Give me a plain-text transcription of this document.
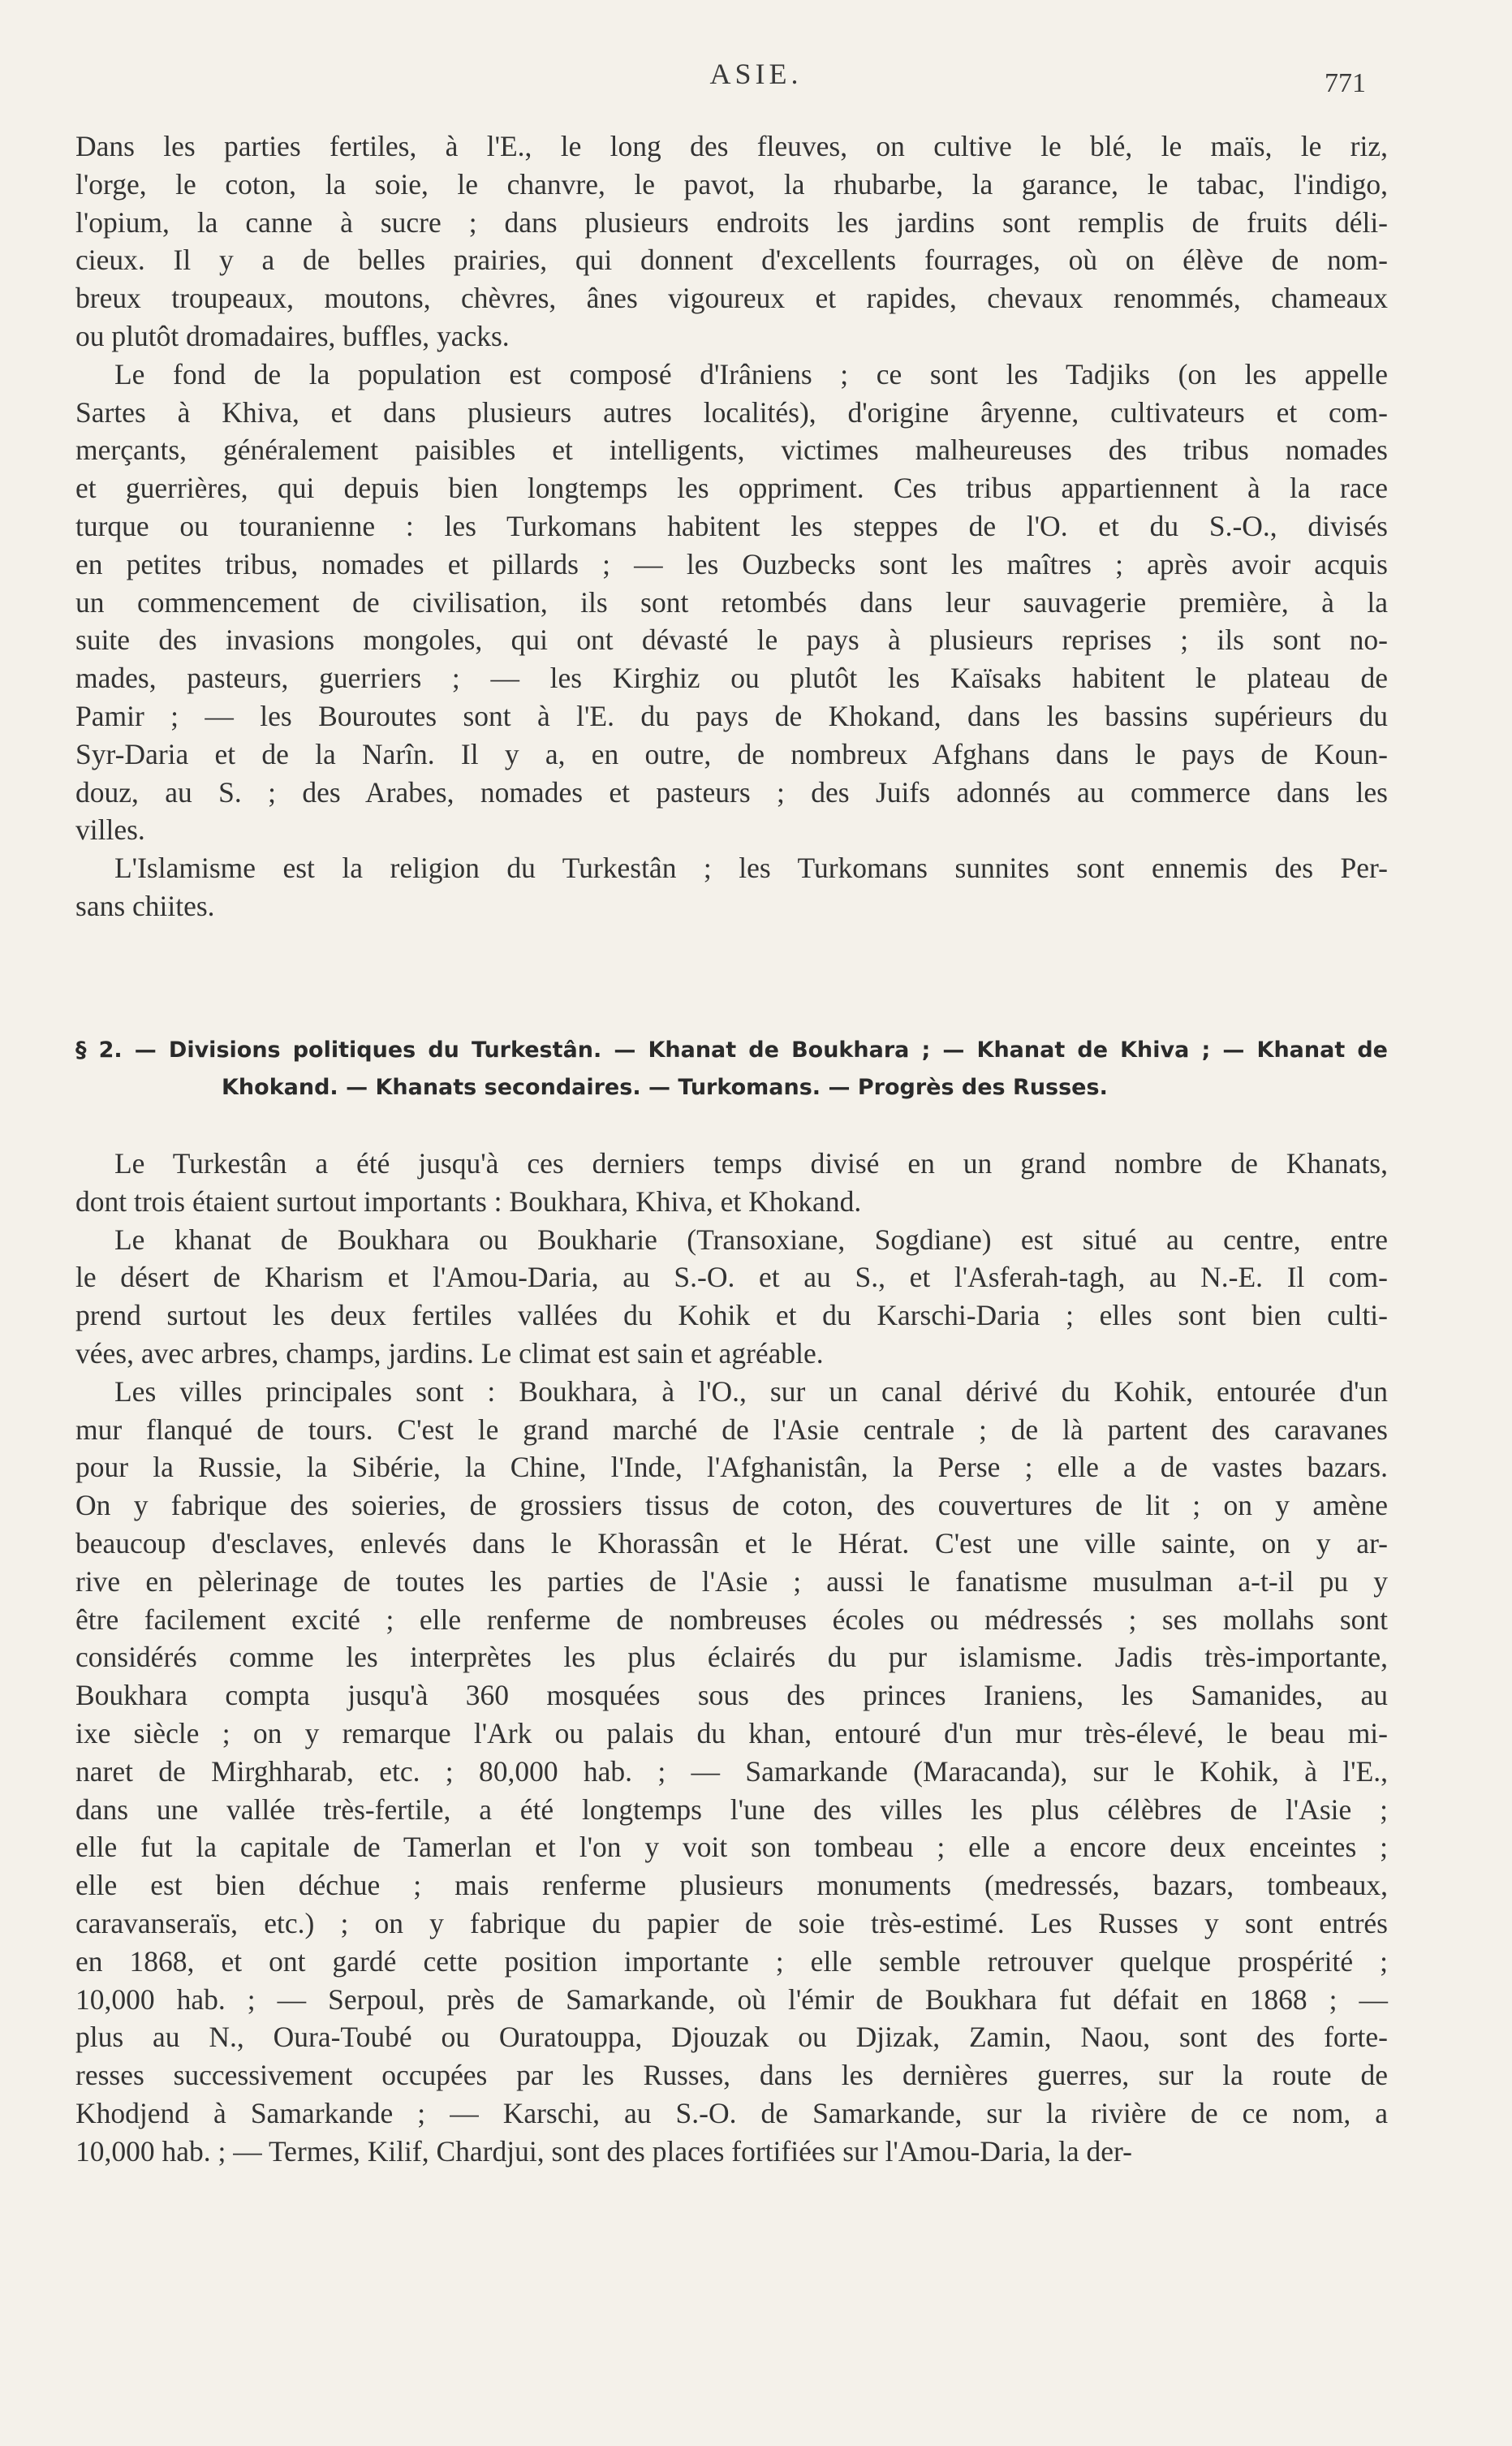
ASIE.	771
Dans les parties fertiles, à l'E., le long des fleuves, on cultive le blé, le maïs, le riz,
l'orge, le coton, la soie, le chanvre, le pavot, la rhubarbe, la garance, le tabac, l'indigo,
l'opium, la canne à sucre ; dans plusieurs endroits les jardins sont remplis de fruits déli-
cieux. Il y a de belles prairies, qui donnent d'excellents fourrages, où on élève de nom-
breux troupeaux, moutons, chèvres, ânes vigoureux et rapides, chevaux renommés, chameaux
ou plutôt dromadaires, buffles, yacks.
Le fond de la population est composé d'Irâniens ; ce sont les Tadjiks (on les appelle
Sartes à Khiva, et dans plusieurs autres localités), d'origine âryenne, cultivateurs et com-
merçants, généralement paisibles et intelligents, victimes malheureuses des tribus nomades
et guerrières, qui depuis bien longtemps les oppriment. Ces tribus appartiennent à la race
turque ou touranienne : les Turkomans habitent les steppes de l'O. et du S.-O., divisés
en petites tribus, nomades et pillards ; — les Ouzbecks sont les maîtres ; après avoir acquis
un commencement de civilisation, ils sont retombés dans leur sauvagerie première, à la
suite des invasions mongoles, qui ont dévasté le pays à plusieurs reprises ; ils sont no-
mades, pasteurs, guerriers ; — les Kirghiz ou plutôt les Kaïsaks habitent le plateau de
Pamir ; — les Bouroutes sont à l'E. du pays de Khokand, dans les bassins supérieurs du
Syr-Daria et de la Narîn. Il y a, en outre, de nombreux Afghans dans le pays de Koun-
douz, au S. ; des Arabes, nomades et pasteurs ; des Juifs adonnés au commerce dans les
villes.
L'Islamisme est la religion du Turkestân ; les Turkomans sunnites sont ennemis des Per-
sans chiites.
§ 2. — Divisions politiques du Turkestân. — Khanat de Boukhara ; — Khanat de Khiva ; — Khanat de
Khokand. — Khanats secondaires. — Turkomans. — Progrès des Russes.
Le Turkestân a été jusqu'à ces derniers temps divisé en un grand nombre de Khanats,
dont trois étaient surtout importants : Boukhara, Khiva, et Khokand.
Le khanat de Boukhara ou Boukharie (Transoxiane, Sogdiane) est situé au centre, entre
le désert de Kharism et l'Amou-Daria, au S.-O. et au S., et l'Asferah-tagh, au N.-E. Il com-
prend surtout les deux fertiles vallées du Kohik et du Karschi-Daria ; elles sont bien culti-
vées, avec arbres, champs, jardins. Le climat est sain et agréable.
Les villes principales sont : Boukhara, à l'O., sur un canal dérivé du Kohik, entourée d'un
mur flanqué de tours. C'est le grand marché de l'Asie centrale ; de là partent des caravanes
pour la Russie, la Sibérie, la Chine, l'Inde, l'Afghanistân, la Perse ; elle a de vastes bazars.
On y fabrique des soieries, de grossiers tissus de coton, des couvertures de lit ; on y amène
beaucoup d'esclaves, enlevés dans le Khorassân et le Hérat. C'est une ville sainte, on y ar-
rive en pèlerinage de toutes les parties de l'Asie ; aussi le fanatisme musulman a-t-il pu y
être facilement excité ; elle renferme de nombreuses écoles ou médressés ; ses mollahs sont
considérés comme les interprètes les plus éclairés du pur islamisme. Jadis très-importante,
Boukhara compta jusqu'à 360 mosquées sous des princes Iraniens, les Samanides, au
ixe siècle ; on y remarque l'Ark ou palais du khan, entouré d'un mur très-élevé, le beau mi-
naret de Mirghharab, etc. ; 80,000 hab. ; — Samarkande (Maracanda), sur le Kohik, à l'E.,
dans une vallée très-fertile, a été longtemps l'une des villes les plus célèbres de l'Asie ;
elle fut la capitale de Tamerlan et l'on y voit son tombeau ; elle a encore deux enceintes ;
elle est bien déchue ; mais renferme plusieurs monuments (medressés, bazars, tombeaux,
caravanseraïs, etc.) ; on y fabrique du papier de soie très-estimé. Les Russes y sont entrés
en 1868, et ont gardé cette position importante ; elle semble retrouver quelque prospérité ;
10,000 hab. ; — Serpoul, près de Samarkande, où l'émir de Boukhara fut défait en 1868 ; —
plus au N., Oura-Toubé ou Ouratouppa, Djouzak ou Djizak, Zamin, Naou, sont des forte-
resses successivement occupées par les Russes, dans les dernières guerres, sur la route de
Khodjend à Samarkande ; — Karschi, au S.-O. de Samarkande, sur la rivière de ce nom, a
10,000 hab. ; — Termes, Kilif, Chardjui, sont des places fortifiées sur l'Amou-Daria, la der-
